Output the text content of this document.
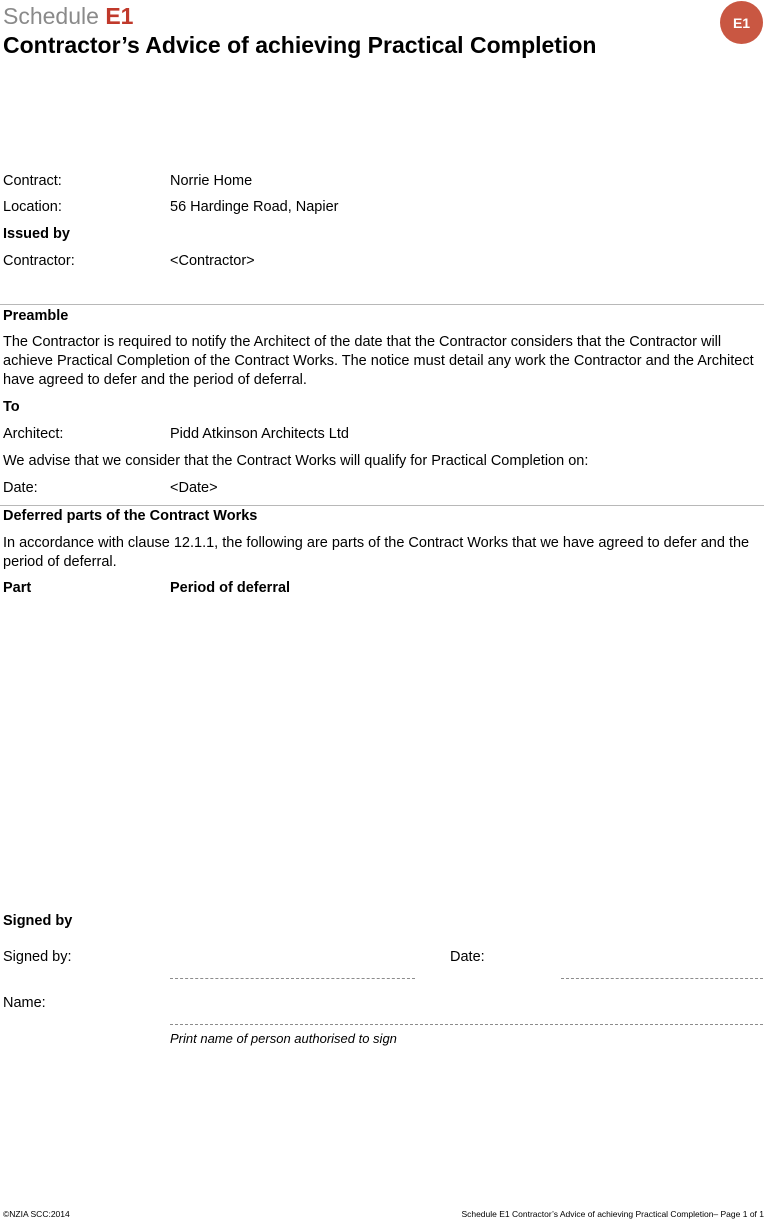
Schedule E1
Contractor’s Advice of achieving Practical Completion
E1
Contract:	Norrie Home
Location:	56 Hardinge Road, Napier
Issued by
Contractor:	<Contractor>
Preamble
The Contractor is required to notify the Architect of the date that the Contractor considers that the Contractor will achieve Practical Completion of the Contract Works. The notice must detail any work the Contractor and the Architect have agreed to defer and the period of deferral.
To
Architect:	Pidd Atkinson Architects Ltd
We advise that we consider that the Contract Works will qualify for Practical Completion on:
Date:	<Date>
Deferred parts of the Contract Works
In accordance with clause 12.1.1, the following are parts of the Contract Works that we have agreed to defer and the period of deferral.
Part	Period of deferral
Signed by
Signed by:	Date:
Name:
Print name of person authorised to sign
©NZIA SCC:2014	Schedule E1 Contractor’s Advice of achieving Practical Completion– Page 1 of 1
